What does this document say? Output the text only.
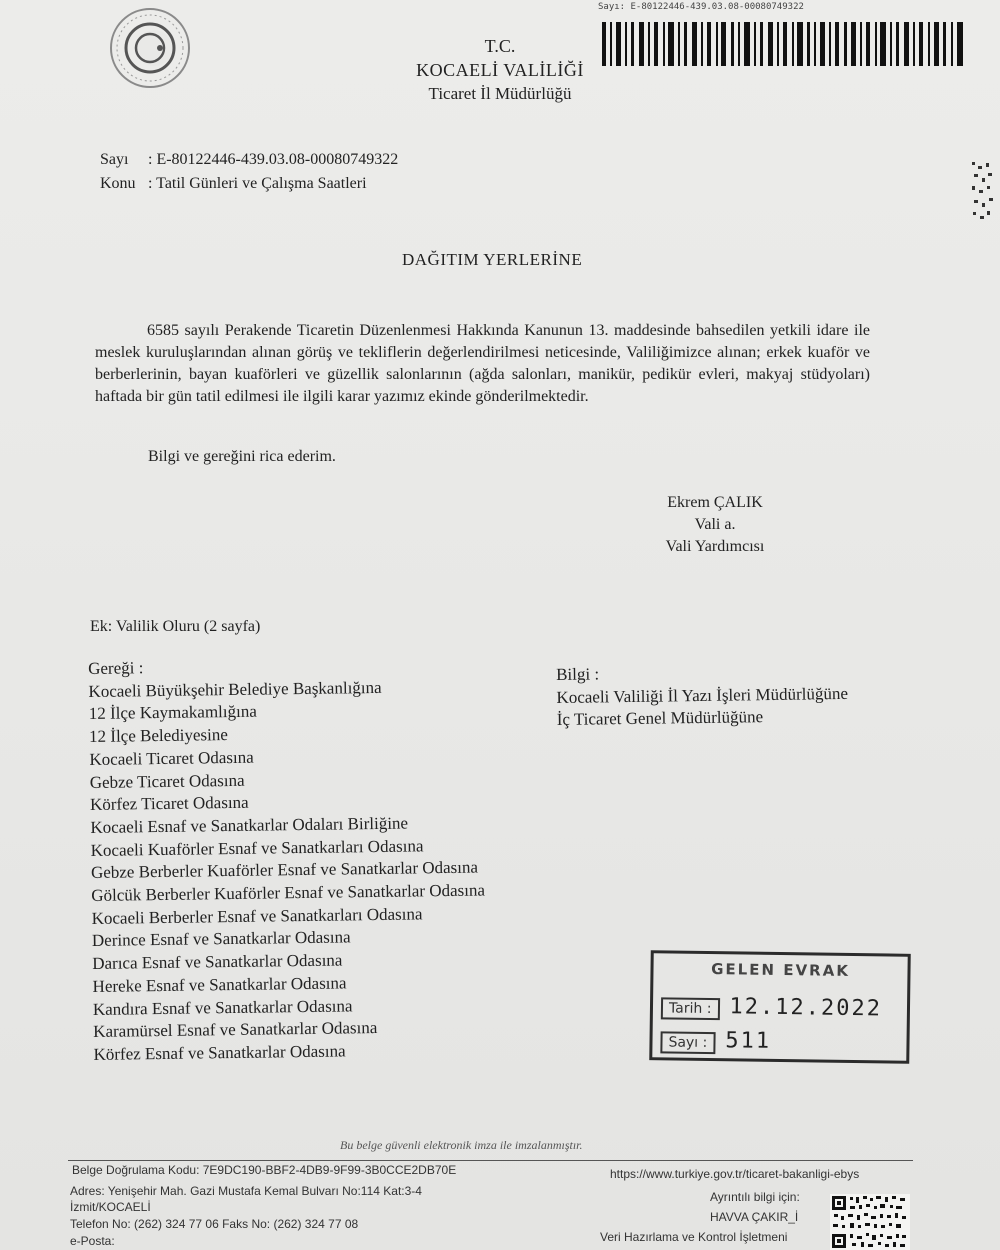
Sayı: E-80122446-439.03.08-00080749322
T.C.
KOCAELİ VALİLİĞİ
Ticaret İl Müdürlüğü
Sayı : E-80122446-439.03.08-00080749322
Konu : Tatil Günleri ve Çalışma Saatleri
DAĞITIM YERLERİNE
6585 sayılı Perakende Ticaretin Düzenlenmesi Hakkında Kanunun 13. maddesinde bahsedilen yetkili idare ile meslek kuruluşlarından alınan görüş ve tekliflerin değerlendirilmesi neticesinde, Valiliğimizce alınan; erkek kuaför ve berberlerinin, bayan kuaförleri ve güzellik salonlarının (ağda salonları, manikür, pedikür evleri, makyaj stüdyoları) haftada bir gün tatil edilmesi ile ilgili karar yazımız ekinde gönderilmektedir.
Bilgi ve gereğini rica ederim.
Ekrem ÇALIK
Vali a.
Vali Yardımcısı
Ek: Valilik Oluru (2 sayfa)
Gereği :
Kocaeli Büyükşehir Belediye Başkanlığına
12 İlçe Kaymakamlığına
12 İlçe Belediyesine
Kocaeli Ticaret Odasına
Gebze Ticaret Odasına
Körfez Ticaret Odasına
Kocaeli Esnaf ve Sanatkarlar Odaları Birliğine
Kocaeli Kuaförler Esnaf ve Sanatkarları Odasına
Gebze Berberler Kuaförler Esnaf ve Sanatkarlar Odasına
Gölcük Berberler Kuaförler Esnaf ve Sanatkarlar Odasına
Kocaeli Berberler Esnaf ve Sanatkarları Odasına
Derince Esnaf ve Sanatkarlar Odasına
Darıca Esnaf ve Sanatkarlar Odasına
Hereke Esnaf ve Sanatkarlar Odasına
Kandıra Esnaf ve Sanatkarlar Odasına
Karamürsel Esnaf ve Sanatkarlar Odasına
Körfez Esnaf ve Sanatkarlar Odasına
Bilgi :
Kocaeli Valiliği İl Yazı İşleri Müdürlüğüne
İç Ticaret Genel Müdürlüğüne
GELEN EVRAK
Tarih : 12.12.2022
Sayı : 511
Bu belge güvenli elektronik imza ile imzalanmıştır.
Belge Doğrulama Kodu: 7E9DC190-BBF2-4DB9-9F99-3B0CCE2DB70E	https://www.turkiye.gov.tr/ticaret-bakanligi-ebys
Adres: Yenişehir Mah. Gazi Mustafa Kemal Bulvarı No:114 Kat:3-4
İzmit/KOCAELİ
Telefon No: (262) 324 77 06 Faks No: (262) 324 77 08
e-Posta:
Ayrıntılı bilgi için:
HAVVA ÇAKIR_İ
Veri Hazırlama ve Kontrol İşletmeni
